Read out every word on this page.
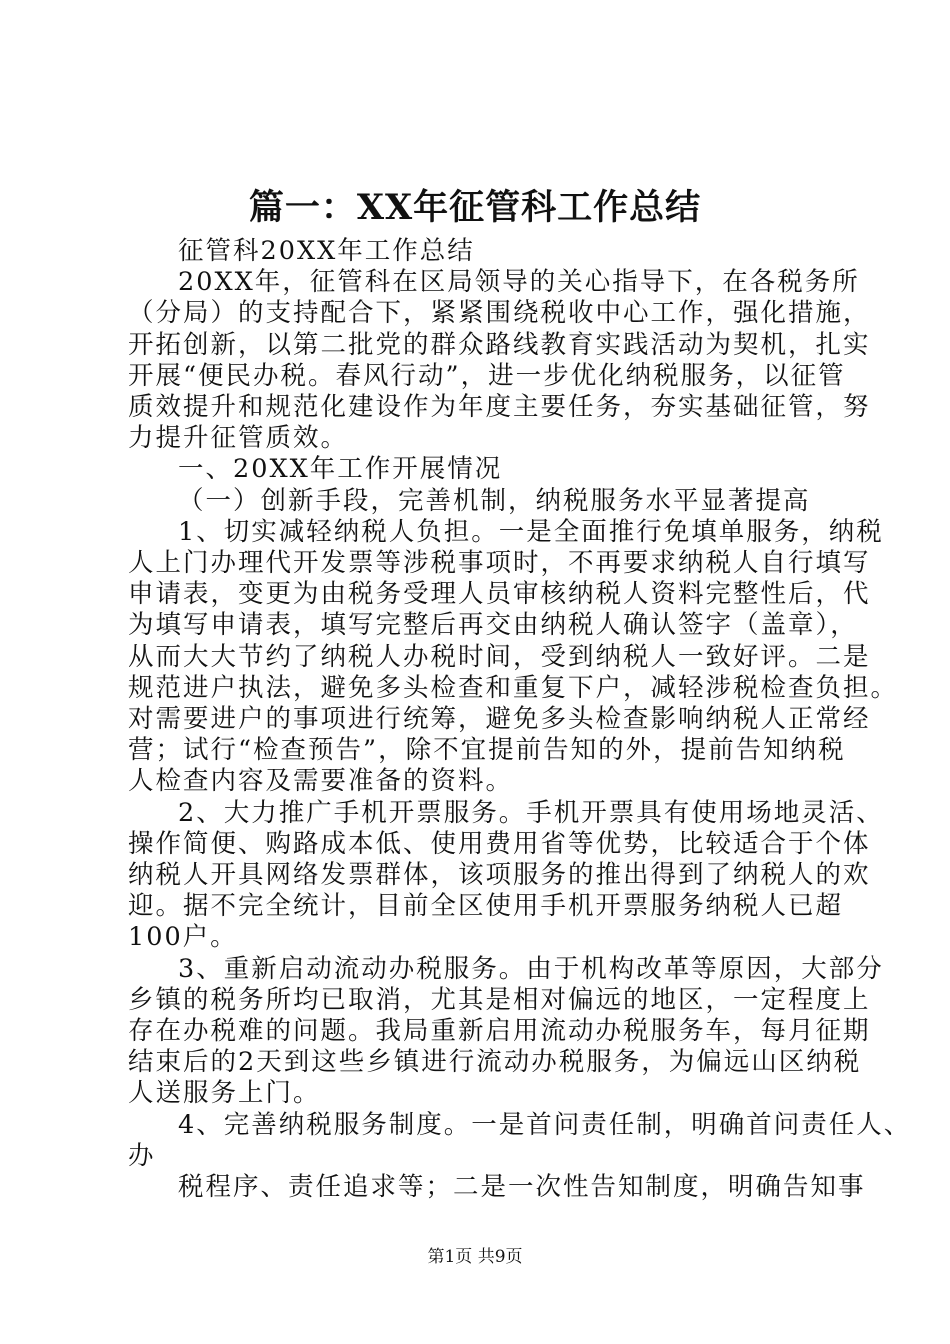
篇一：XX年征管科工作总结

征管科20XX年工作总结

20XX年，征管科在区局领导的关心指导下，在各税务所

（分局）的支持配合下，紧紧围绕税收中心工作，强化措施，

开拓创新，以第二批党的群众路线教育实践活动为契机，扎实

开展“便民办税。春风行动”，进一步优化纳税服务，以征管

质效提升和规范化建设作为年度主要任务，夯实基础征管，努

力提升征管质效。

一、20XX年工作开展情况

（一）创新手段，完善机制，纳税服务水平显著提高

1、切实减轻纳税人负担。一是全面推行免填单服务，纳税

人上门办理代开发票等涉税事项时，不再要求纳税人自行填写

申请表，变更为由税务受理人员审核纳税人资料完整性后，代

为填写申请表，填写完整后再交由纳税人确认签字（盖章），

从而大大节约了纳税人办税时间，受到纳税人一致好评。二是

规范进户执法，避免多头检查和重复下户，减轻涉税检查负担。

对需要进户的事项进行统筹，避免多头检查影响纳税人正常经

营；试行“检查预告”，除不宜提前告知的外，提前告知纳税

人检查内容及需要准备的资料。

2、大力推广手机开票服务。手机开票具有使用场地灵活、

操作简便、购路成本低、使用费用省等优势，比较适合于个体

纳税人开具网络发票群体，该项服务的推出得到了纳税人的欢

迎。据不完全统计，目前全区使用手机开票服务纳税人已超

100户。

3、重新启动流动办税服务。由于机构改革等原因，大部分

乡镇的税务所均已取消，尤其是相对偏远的地区，一定程度上

存在办税难的问题。我局重新启用流动办税服务车，每月征期

结束后的2天到这些乡镇进行流动办税服务，为偏远山区纳税

人送服务上门。

4、完善纳税服务制度。一是首问责任制，明确首问责任人、

办

税程序、责任追求等；二是一次性告知制度，明确告知事

第1页 共9页
